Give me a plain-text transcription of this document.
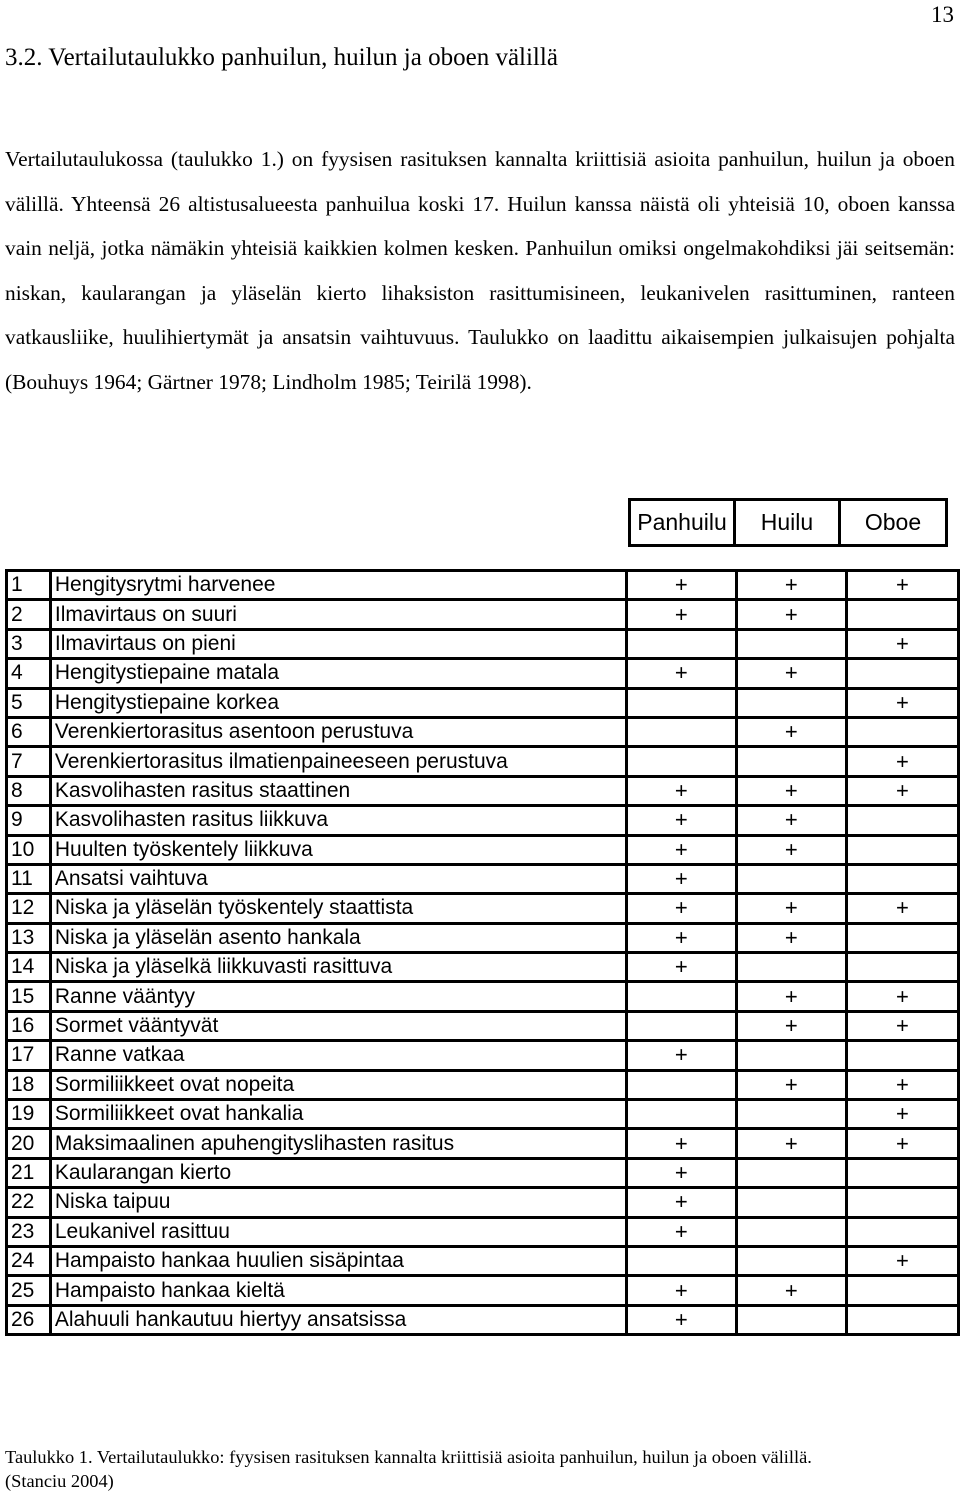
13
3.2. Vertailutaulukko panhuilun, huilun ja oboen välillä

Vertailutaulukossa (taulukko 1.) on fyysisen rasituksen kannalta kriittisiä asioita panhuilun, huilun ja oboen välillä. Yhteensä 26 altistusalueesta panhuilua koski 17. Huilun kanssa näistä oli yhteisiä 10, oboen kanssa vain neljä, jotka nämäkin yhteisiä kaikkien kolmen kesken. Panhuilun omiksi ongelmakohdiksi jäi seitsemän: niskan, kaularangan ja yläselän kierto lihaksiston rasittumisineen, leukanivelen rasittuminen, ranteen vatkausliike, huulihiertymät ja ansatsin vaihtuvuus. Taulukko on laadittu aikaisempien julkaisujen pohjalta (Bouhuys 1964; Gärtner 1978; Lindholm 1985; Teirilä 1998).

Panhuilu	Huilu	Oboe
1	Hengitysrytmi harvenee	+	+	+
2	Ilmavirtaus on suuri	+	+	
3	Ilmavirtaus on pieni			+
4	Hengitystiepaine matala	+	+	
5	Hengitystiepaine korkea			+
6	Verenkiertorasitus asentoon perustuva		+	
7	Verenkiertorasitus ilmatienpaineeseen perustuva			+
8	Kasvolihasten rasitus staattinen	+	+	+
9	Kasvolihasten rasitus liikkuva	+	+	
10	Huulten työskentely liikkuva	+	+	
11	Ansatsi vaihtuva	+		
12	Niska ja yläselän työskentely staattista	+	+	+
13	Niska ja yläselän asento hankala	+	+	
14	Niska ja yläselkä liikkuvasti rasittuva	+		
15	Ranne vääntyy		+	+
16	Sormet vääntyvät		+	+
17	Ranne vatkaa	+		
18	Sormiliikkeet ovat nopeita		+	+
19	Sormiliikkeet ovat hankalia			+
20	Maksimaalinen apuhengityslihasten rasitus	+	+	+
21	Kaularangan kierto	+		
22	Niska taipuu	+		
23	Leukanivel rasittuu	+		
24	Hampaisto hankaa huulien sisäpintaa			+
25	Hampaisto hankaa kieltä	+	+	
26	Alahuuli hankautuu hiertyy ansatsissa	+		
Taulukko 1. Vertailutaulukko: fyysisen rasituksen kannalta kriittisiä asioita panhuilun, huilun ja oboen välillä.
(Stanciu 2004)
